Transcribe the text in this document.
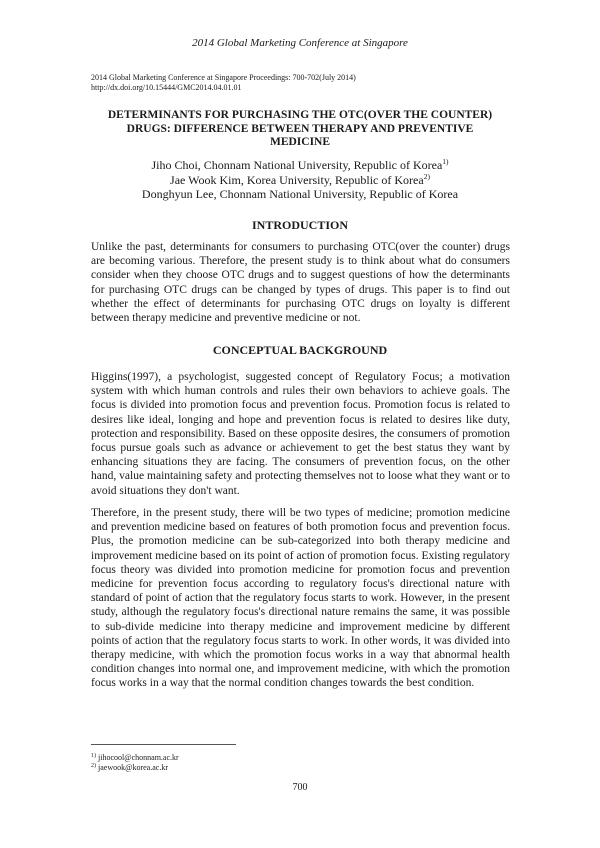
2014 Global Marketing Conference at Singapore
2014 Global Marketing Conference at Singapore Proceedings: 700-702(July 2014)
http://dx.doi.org/10.15444/GMC2014.04.01.01
DETERMINANTS FOR PURCHASING THE OTC(OVER THE COUNTER)
DRUGS: DIFFERENCE BETWEEN THERAPY AND PREVENTIVE
MEDICINE
Jiho Choi, Chonnam National University, Republic of Korea$^{1)}$
Jae Wook Kim, Korea University, Republic of Korea$^{2)}$
Donghyun Lee, Chonnam National University, Republic of Korea
INTRODUCTION

Unlike the past, determinants for consumers to purchasing OTC(over the counter) drugs are becoming various. Therefore, the present study is to think about what do consumers consider when they choose OTC drugs and to suggest questions of how the determinants for purchasing OTC drugs can be changed by types of drugs. This paper is to find out whether the effect of determinants for purchasing OTC drugs on loyalty is different between therapy medicine and preventive medicine or not.

CONCEPTUAL BACKGROUND

Higgins(1997), a psychologist, suggested concept of Regulatory Focus; a motivation system with which human controls and rules their own behaviors to achieve goals. The focus is divided into promotion focus and prevention focus. Promotion focus is related to desires like ideal, longing and hope and prevention focus is related to desires like duty, protection and responsibility. Based on these opposite desires, the consumers of promotion focus pursue goals such as advance or achievement to get the best status they want by enhancing situations they are facing. The consumers of prevention focus, on the other hand, value maintaining safety and protecting themselves not to loose what they want or to avoid situations they don't want.

Therefore, in the present study, there will be two types of medicine; promotion medicine and prevention medicine based on features of both promotion focus and prevention focus. Plus, the promotion medicine can be sub-categorized into both therapy medicine and improvement medicine based on its point of action of promotion focus. Existing regulatory focus theory was divided into promotion medicine for promotion focus and prevention medicine for prevention focus according to regulatory focus's directional nature with standard of point of action that the regulatory focus starts to work. However, in the present study, although the regulatory focus's directional nature remains the same, it was possible to sub-divide medicine into therapy medicine and improvement medicine by different points of action that the regulatory focus starts to work. In other words, it was divided into therapy medicine, with which the promotion focus works in a way that abnormal health condition changes into normal one, and improvement medicine, with which the promotion focus works in a way that the normal condition changes towards the best condition.

$^{1)}$ jihocool@chonnam.ac.kr
$^{2)}$ jaewook@korea.ac.kr
700
